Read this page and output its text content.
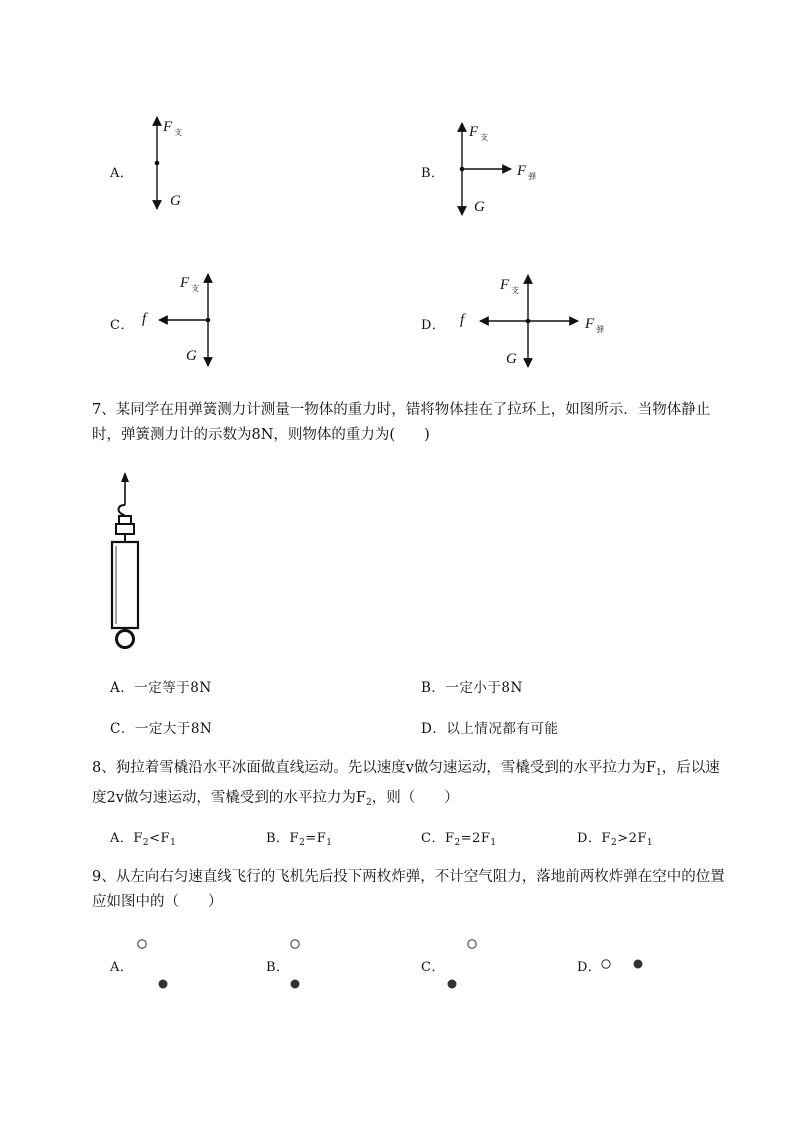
A．
F $_支$
G
B．
F $_支$
F $_弹$
G
C．
F $_支$
f
G
D．
F $_支$
f	F $_弹$
G
7、某同学在用弹簧测力计测量一物体的重力时，错将物体挂在了拉环上，如图所示．当物体静止
时，弹簧测力计的示数为8N，则物体的重力为(　　)
A．一定等于8N	B．一定小于8N
C．一定大于8N	D．以上情况都有可能
8、狗拉着雪橇沿水平冰面做直线运动。先以速度v做匀速运动，雪橇受到的水平拉力为$F_1$，后以速
度2v做匀速运动，雪橇受到的水平拉力为$F_2$，则（　　）
A．$F_2<F_1$	B．$F_2=F_1$	C．$F_2=2F_1$	D．$F_2>2F_1$
9、从左向右匀速直线飞行的飞机先后投下两枚炸弹，不计空气阻力，落地前两枚炸弹在空中的位置
应如图中的（　　）
A．	B．	C．	D．
